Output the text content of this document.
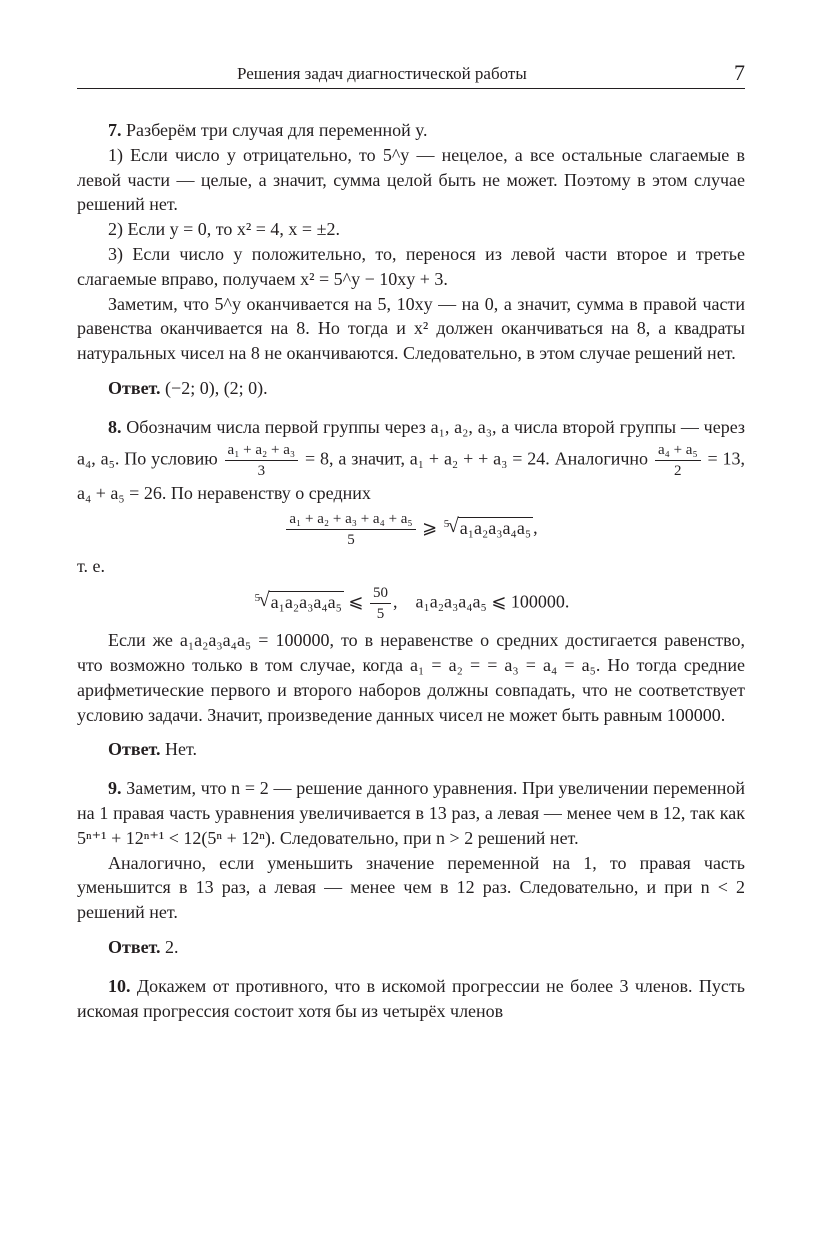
Решения задач диагностической работы	7

7. Разберём три случая для переменной y.

1) Если число y отрицательно, то 5^y — нецелое, а все остальные слагаемые в левой части — целые, а значит, сумма целой быть не может. Поэтому в этом случае решений нет.

2) Если y = 0, то x² = 4, x = ±2.

3) Если число y положительно, то, перенося из левой части второе и третье слагаемые вправо, получаем x² = 5^y − 10xy + 3.

Заметим, что 5^y оканчивается на 5, 10xy — на 0, а значит, сумма в правой части равенства оканчивается на 8. Но тогда и x² должен оканчиваться на 8, а квадраты натуральных чисел на 8 не оканчиваются. Следовательно, в этом случае решений нет.

Ответ. (−2; 0), (2; 0).

8. Обозначим числа первой группы через a₁, a₂, a₃, а числа второй группы — через a₄, a₅. По условию $\frac{\text{a₁ + a₂ + a₃}}{3} = 8$, а значит, a₁ + a₂ + + a₃ = 24. Аналогично $\frac{\text{a₄ + a₅}}{2} = 13$, a₄ + a₅ = 26. По неравенству о средних

$\frac{\text{a₁ + a₂ + a₃ + a₄ + a₅}}{5}$ ⩾ 5
√ a₁a₂a₃a₄a₅ ,

т. е.

5
√ a₁a₂a₃a₄a₅ ⩽ $\frac{50}{5}$ ,    a₁a₂a₃a₄a₅ ⩽ 100000.

Если же a₁a₂a₃a₄a₅ = 100000, то в неравенстве о средних достигается равенство, что возможно только в том случае, когда a₁ = a₂ = = a₃ = a₄ = a₅. Но тогда средние арифметические первого и второго наборов должны совпадать, что не соответствует условию задачи. Значит, произведение данных чисел не может быть равным 100000.

Ответ. Нет.

9. Заметим, что n = 2 — решение данного уравнения. При увеличении переменной на 1 правая часть уравнения увеличивается в 13 раз, а левая — менее чем в 12, так как 5ⁿ⁺¹ + 12ⁿ⁺¹ < 12(5ⁿ + 12ⁿ). Следовательно, при n > 2 решений нет.

Аналогично, если уменьшить значение переменной на 1, то правая часть уменьшится в 13 раз, а левая — менее чем в 12 раз. Следовательно, и при n < 2 решений нет.

Ответ. 2.

10. Докажем от противного, что в искомой прогрессии не более 3 членов. Пусть искомая прогрессия состоит хотя бы из четырёх членов
